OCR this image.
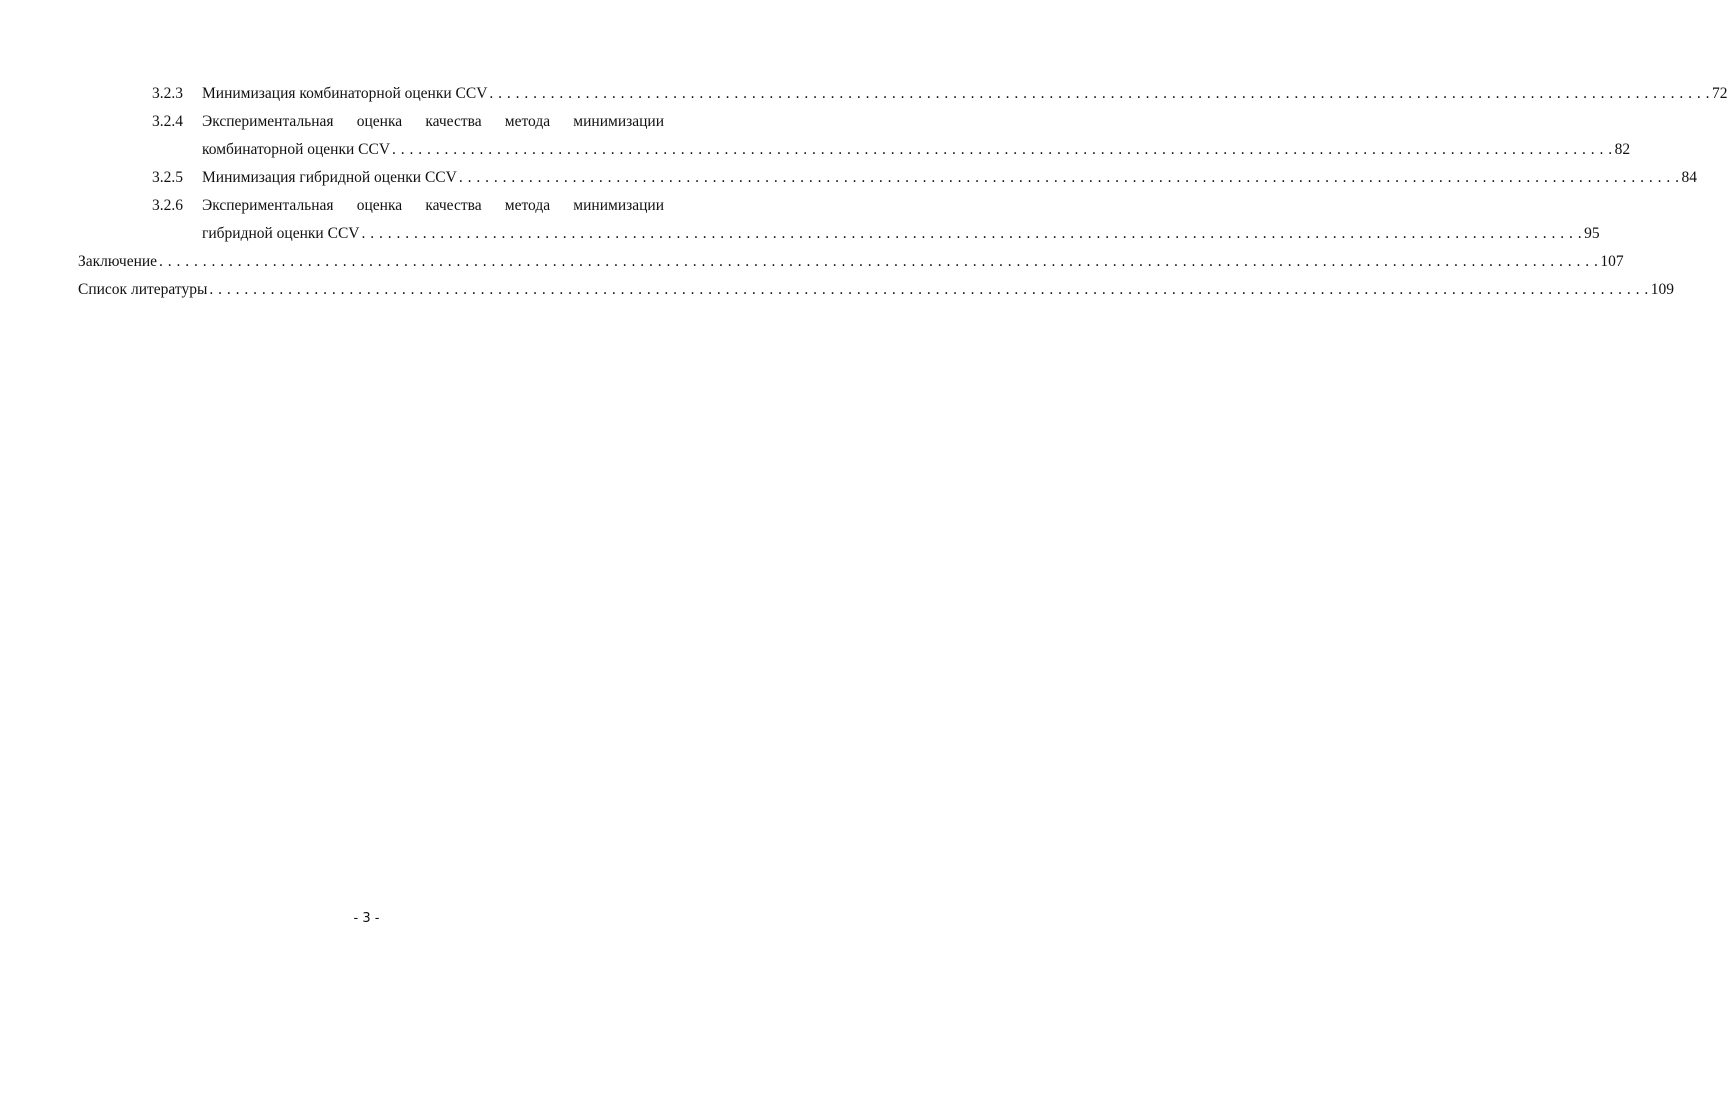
3.2.3 Минимизация комбинаторной оценки CCV . . . . . . . . . . . . . . . . . . . . . . . . . . . . . . . . . . . . . . . . . . . . . . . . . . . . . . . . . . . . . . . . . . . . . . . . . . . . . . . . . . . . . . . . . . . . . . . . . . . . . . . . . . . . . . . . . . . . . . . . . . . . . . . . . . . . . . . . . . . . 72
3.2.4 Экспериментальная оценка качества метода минимизации
комбинаторной оценки CCV . . . . . . . . . . . . . . . . . . . . . . . . . . . . . . . . . . . . . . . . . . . . . . . . . . . . . . . . . . . . . . . . . . . . . . . . . . . . . . . . . . . . . . . . . . . . . . . . . . . . . . . . . . . . . . . . . . . . . . . . . . . . . . . . . . . . . . . . . . . . 82
3.2.5 Минимизация гибридной оценки CCV . . . . . . . . . . . . . . . . . . . . . . . . . . . . . . . . . . . . . . . . . . . . . . . . . . . . . . . . . . . . . . . . . . . . . . . . . . . . . . . . . . . . . . . . . . . . . . . . . . . . . . . . . . . . . . . . . . . . . . . . . . . . . . . . . . . . . . . . . . . . 84
3.2.6 Экспериментальная оценка качества метода минимизации
гибридной оценки CCV . . . . . . . . . . . . . . . . . . . . . . . . . . . . . . . . . . . . . . . . . . . . . . . . . . . . . . . . . . . . . . . . . . . . . . . . . . . . . . . . . . . . . . . . . . . . . . . . . . . . . . . . . . . . . . . . . . . . . . . . . . . . . . . . . . . . . . . . . . . . 95
Заключение . . . . . . . . . . . . . . . . . . . . . . . . . . . . . . . . . . . . . . . . . . . . . . . . . . . . . . . . . . . . . . . . . . . . . . . . . . . . . . . . . . . . . . . . . . . . . . . . . . . . . . . . . . . . . . . . . . . . . . . . . . . . . . . . . . . . . . . . . . . . . . . . . . . . . . . . . . . . . . . . . . . . . 107
Список литературы . . . . . . . . . . . . . . . . . . . . . . . . . . . . . . . . . . . . . . . . . . . . . . . . . . . . . . . . . . . . . . . . . . . . . . . . . . . . . . . . . . . . . . . . . . . . . . . . . . . . . . . . . . . . . . . . . . . . . . . . . . . . . . . . . . . . . . . . . . . . . . . . . . . . . . . . . . . . . . . . . . . . . 109
- 3 -
